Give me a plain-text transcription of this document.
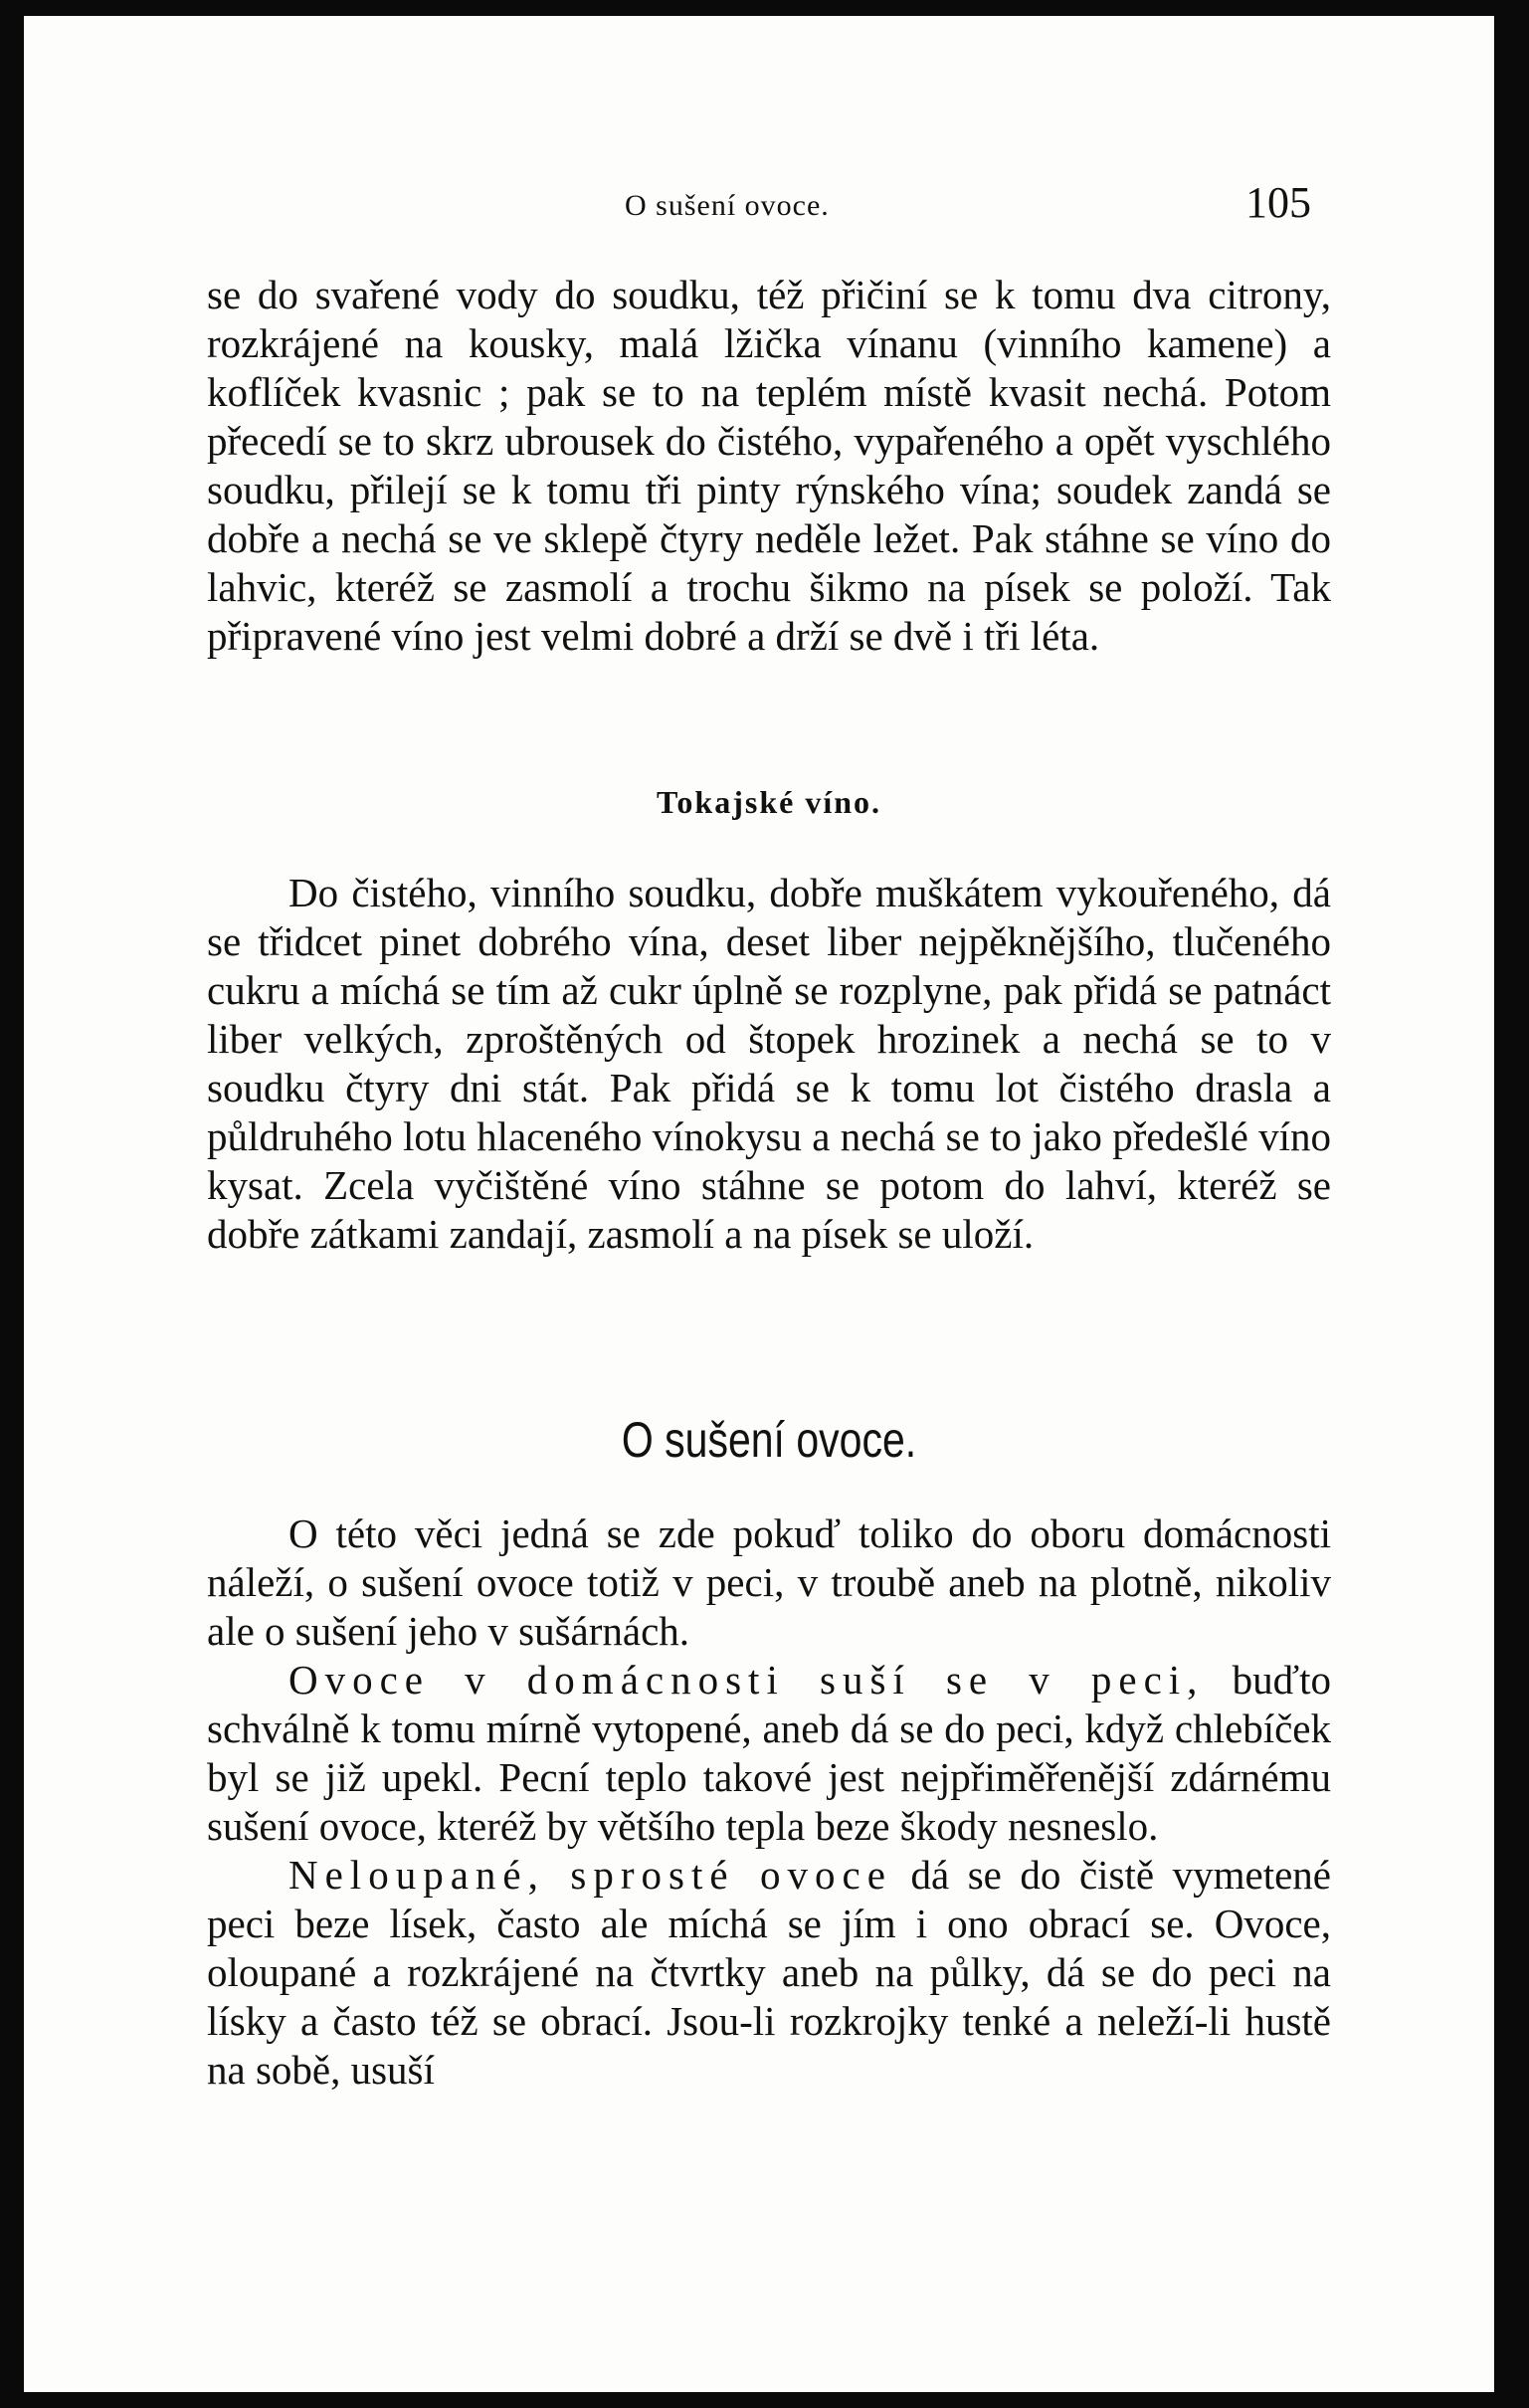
O sušení ovoce.	105

se do svařené vody do soudku, též přičiní se k tomu dva citrony, rozkrájené na kousky, malá lžička vínanu (vinního kamene) a koflíček kvasnic ; pak se to na teplém místě kvasit nechá. Potom přecedí se to skrz ubrousek do čistého, vypařeného a opět vyschlého soudku, přilejí se k tomu tři pinty rýnského vína; soudek zandá se dobře a nechá se ve sklepě čtyry neděle ležet. Pak stáhne se víno do lahvic, kteréž se zasmolí a trochu šikmo na písek se položí. Tak připravené víno jest velmi dobré a drží se dvě i tři léta.

Tokajské víno.

Do čistého, vinního soudku, dobře muškátem vykouřeného, dá se třidcet pinet dobrého vína, deset liber nejpěknějšího, tlučeného cukru a míchá se tím až cukr úplně se rozplyne, pak přidá se patnáct liber velkých, zproštěných od štopek hrozinek a nechá se to v soudku čtyry dni stát. Pak přidá se k tomu lot čistého drasla a půldruhého lotu hlaceného vínokysu a nechá se to jako předešlé víno kysat. Zcela vyčištěné víno stáhne se potom do lahví, kteréž se dobře zátkami zandají, zasmolí a na písek se uloží.

O sušení ovoce.

O této věci jedná se zde pokuď toliko do oboru domácnosti náleží, o sušení ovoce totiž v peci, v troubě aneb na plotně, nikoliv ale o sušení jeho v sušárnách.

Ovoce v domácnosti suší se v peci, buďto schválně k tomu mírně vytopené, aneb dá se do peci, když chlebíček byl se již upekl. Pecní teplo takové jest nejpřiměřenější zdárnému sušení ovoce, kteréž by většího tepla beze škody nesneslo.

Neloupané, sprosté ovoce dá se do čistě vymetené peci beze lísek, často ale míchá se jím i ono obrací se. Ovoce, oloupané a rozkrájené na čtvrtky aneb na půlky, dá se do peci na lísky a často též se obrací. Jsou-li rozkrojky tenké a neleží-li hustě na sobě, usuší
